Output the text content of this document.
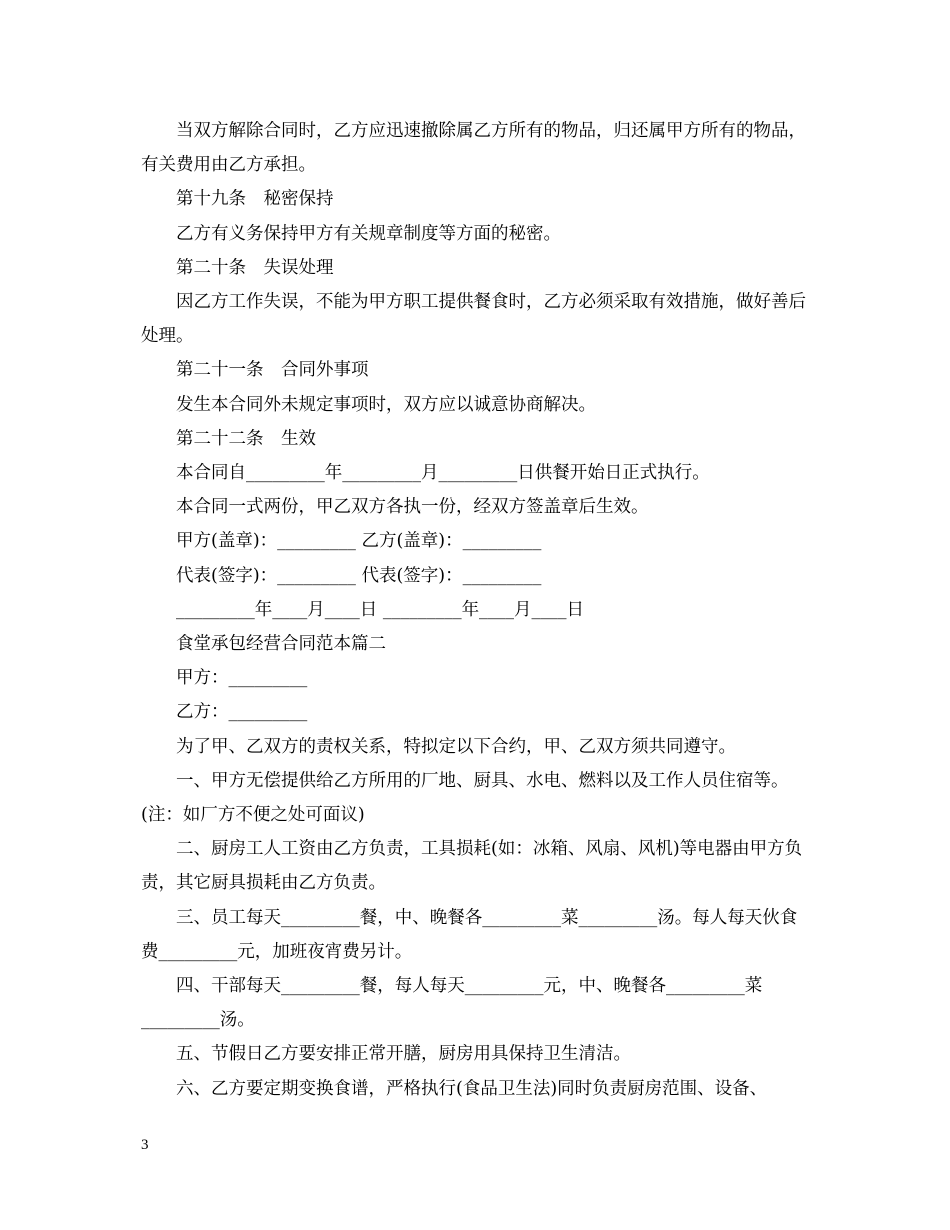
当双方解除合同时，乙方应迅速撤除属乙方所有的物品，归还属甲方所有的物品，有关费用由乙方承担。

第十九条　秘密保持

乙方有义务保持甲方有关规章制度等方面的秘密。

第二十条　失误处理

因乙方工作失误，不能为甲方职工提供餐食时，乙方必须采取有效措施，做好善后处理。

第二十一条　合同外事项

发生本合同外未规定事项时，双方应以诚意协商解决。

第二十二条　生效

本合同自_________年_________月_________日供餐开始日正式执行。

本合同一式两份，甲乙双方各执一份，经双方签盖章后生效。

甲方(盖章)：_________ 乙方(盖章)：_________

代表(签字)：_________ 代表(签字)：_________

_________年____月____日 _________年____月____日

食堂承包经营合同范本篇二

甲方：_________

乙方：_________

为了甲、乙双方的责权关系，特拟定以下合约，甲、乙双方须共同遵守。

一、甲方无偿提供给乙方所用的厂地、厨具、水电、燃料以及工作人员住宿等。(注：如厂方不便之处可面议)

二、厨房工人工资由乙方负责，工具损耗(如：冰箱、风扇、风机)等电器由甲方负责，其它厨具损耗由乙方负责。

三、员工每天_________餐，中、晚餐各_________菜_________汤。每人每天伙食费_________元，加班夜宵费另计。

四、干部每天_________餐，每人每天_________元，中、晚餐各_________菜_________汤。

五、节假日乙方要安排正常开膳，厨房用具保持卫生清洁。

六、乙方要定期变换食谱，严格执行(食品卫生法)同时负责厨房范围、设备、

3
